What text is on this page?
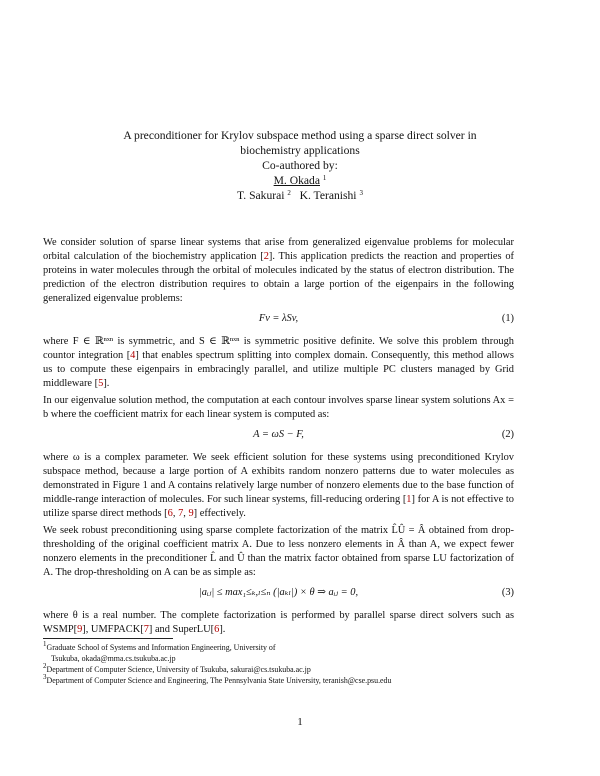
A preconditioner for Krylov subspace method using a sparse direct solver in
biochemistry applications
Co-authored by:
M. Okada $^1$
T. Sakurai $^2$ K. Teranishi $^3$

We consider solution of sparse linear systems that arise from generalized eigenvalue problems for molecular orbital calculation of the biochemistry application [2]. This application predicts the reaction and properties of proteins in water molecules through the orbital of molecules indicated by the status of electron distribution. The prediction of the electron distribution requires to obtain a large portion of the eigenpairs in the following generalized eigenvalue problems:

Fv = λSv,	(1)

where F ∈ ℝⁿˣⁿ is symmetric, and S ∈ ℝⁿˣⁿ is symmetric positive definite. We solve this problem through countor integration [4] that enables spectrum splitting into complex domain. Consequently, this method allows us to compute these eigenpairs in embracingly parallel, and utilize multiple PC clusters managed by Grid middleware [5].

In our eigenvalue solution method, the computation at each contour involves sparse linear system solutions Ax = b where the coefficient matrix for each linear system is computed as:

A = ωS − F,	(2)

where ω is a complex parameter. We seek efficient solution for these systems using preconditioned Krylov subspace method, because a large portion of A exhibits random nonzero patterns due to water molecules as demonstrated in Figure 1 and A contains relatively large number of nonzero elements due to the base function of middle-range interaction of molecules. For such linear systems, fill-reducing ordering [1] for A is not effective to utilize sparse direct methods [6, 7, 9] effectively.

We seek robust preconditioning using sparse complete factorization of the matrix L̂Û = Â obtained from drop-thresholding of the original coefficient matrix A. Due to less nonzero elements in Â than A, we expect fewer nonzero elements in the preconditioner L̂ and Û than the matrix factor obtained from sparse LU factorization of A. The drop-thresholding on A can be as simple as:

|aᵢⱼ| ≤ max₁≤ₖ,ₗ≤ₙ (|aₖₗ|) × θ ⇒ aᵢⱼ = 0,	(3)

where θ is a real number. The complete factorization is performed by parallel sparse direct solvers such as WSMP[9], UMFPACK[7] and SuperLU[6].

$^1$Graduate School of Systems and Information Engineering, University of
Tsukuba, okada@mma.cs.tsukuba.ac.jp
$^2$Department of Computer Science, University of Tsukuba, sakurai@cs.tsukuba.ac.jp
$^3$Department of Computer Science and Engineering, The Pennsylvania State University, teranish@cse.psu.edu
1
